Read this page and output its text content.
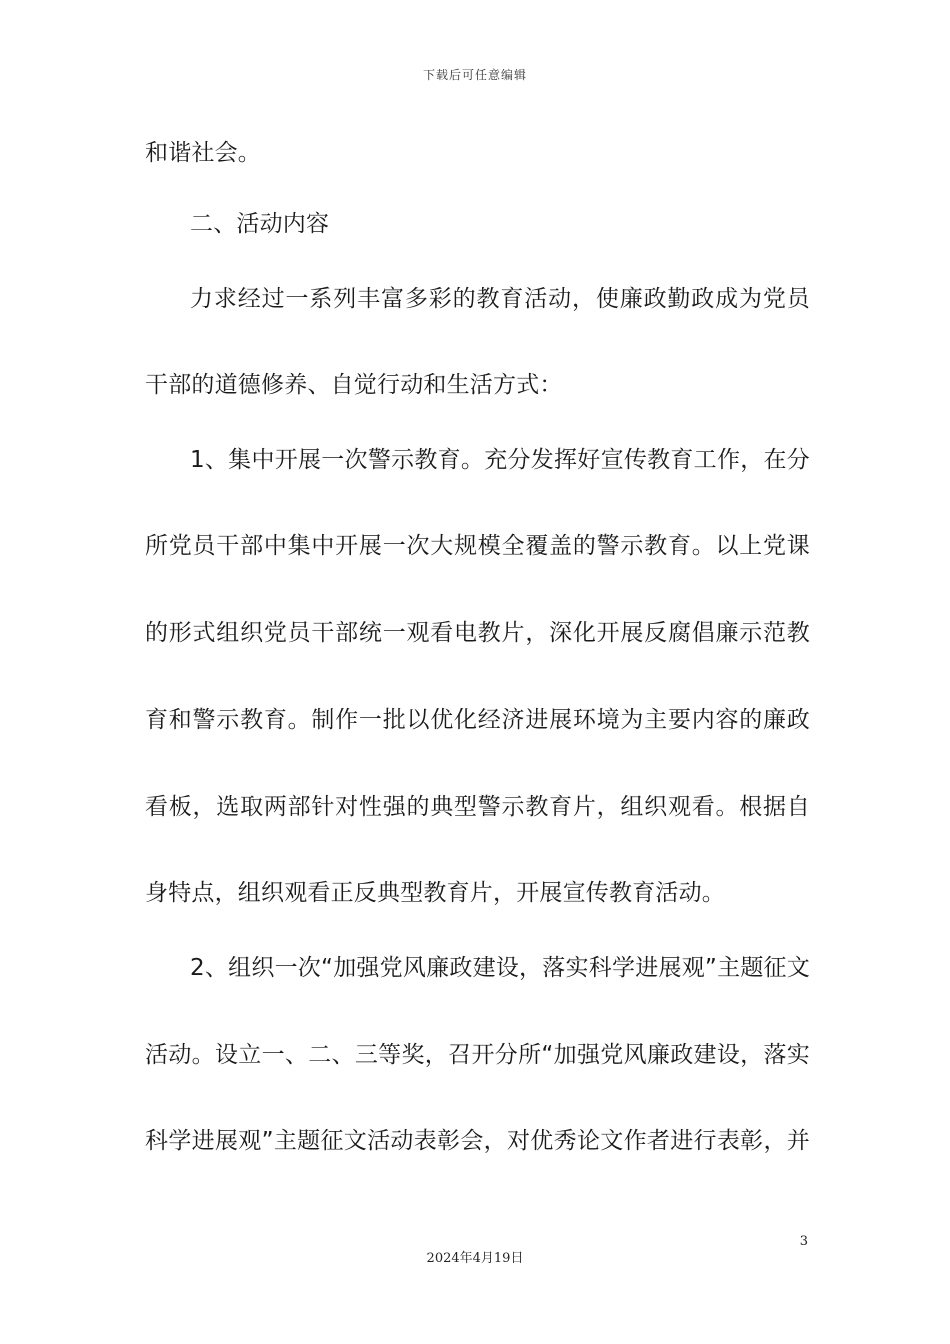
下载后可任意编辑
和谐社会。
二、活动内容
力求经过一系列丰富多彩的教育活动，使廉政勤政成为党员
干部的道德修养、自觉行动和生活方式：
1、集中开展一次警示教育。充分发挥好宣传教育工作，在分
所党员干部中集中开展一次大规模全覆盖的警示教育。以上党课
的形式组织党员干部统一观看电教片，深化开展反腐倡廉示范教
育和警示教育。制作一批以优化经济进展环境为主要内容的廉政
看板，选取两部针对性强的典型警示教育片，组织观看。根据自
身特点，组织观看正反典型教育片，开展宣传教育活动。
2、组织一次“加强党风廉政建设，落实科学进展观”主题征文
活动。设立一、二、三等奖，召开分所“加强党风廉政建设，落实
科学进展观”主题征文活动表彰会，对优秀论文作者进行表彰，并
3
2024年4月19日
